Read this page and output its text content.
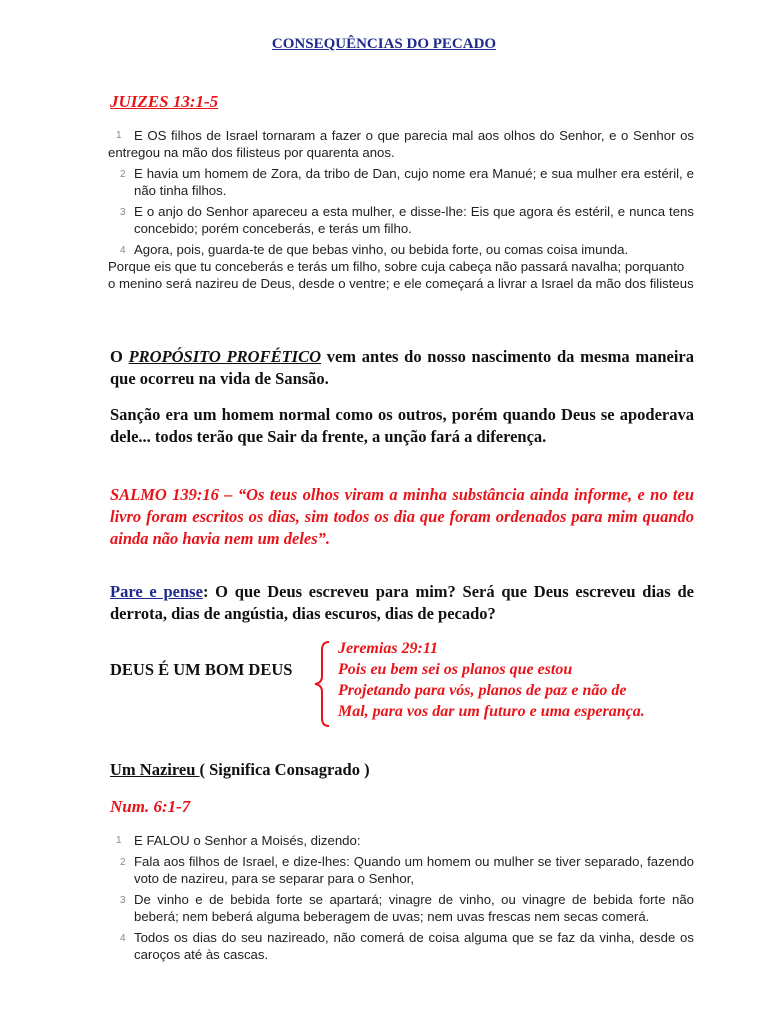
CONSEQUÊNCIAS DO PECADO
JUIZES 13:1-5
1 E OS filhos de Israel tornaram a fazer o que parecia mal aos olhos do Senhor, e o Senhor os entregou na mão dos filisteus por quarenta anos.
2 E havia um homem de Zora, da tribo de Dan, cujo nome era Manué; e sua mulher era estéril, e não tinha filhos.
3 E o anjo do Senhor apareceu a esta mulher, e disse-lhe: Eis que agora és estéril, e nunca tens concebido; porém conceberás, e terás um filho.
4 Agora, pois, guarda-te de que bebas vinho, ou bebida forte, ou comas coisa imunda.
Porque eis que tu conceberás e terás um filho, sobre cuja cabeça não passará navalha; porquanto o menino será nazireu de Deus, desde o ventre; e ele começará a livrar a Israel da mão dos filisteus
O PROPÓSITO PROFÉTICO vem antes do nosso nascimento da mesma maneira que ocorreu na vida de Sansão.
Sanção era um homem normal como os outros, porém quando Deus se apoderava dele... todos terão que Sair da frente, a unção fará a diferença.
SALMO 139:16 – “Os teus olhos viram a minha substância ainda informe, e no teu livro foram escritos os dias, sim todos os dia que foram ordenados para mim quando ainda não havia nem um deles”.
Pare e pense: O que Deus escreveu para mim? Será que Deus escreveu dias de derrota, dias de angústia, dias escuros, dias de pecado?
DEUS É UM BOM DEUS
Jeremias 29:11
Pois eu bem sei os planos que estou
Projetando para vós, planos de paz e não de
Mal, para vos dar um futuro e uma esperança.
Um Nazireu ( Significa Consagrado )
Num. 6:1-7
1 E FALOU o Senhor a Moisés, dizendo:
2 Fala aos filhos de Israel, e dize-lhes: Quando um homem ou mulher se tiver separado, fazendo voto de nazireu, para se separar para o Senhor,
3 De vinho e de bebida forte se apartará; vinagre de vinho, ou vinagre de bebida forte não beberá; nem beberá alguma beberagem de uvas; nem uvas frescas nem secas comerá.
4 Todos os dias do seu nazireado, não comerá de coisa alguma que se faz da vinha, desde os caroços até às cascas.
